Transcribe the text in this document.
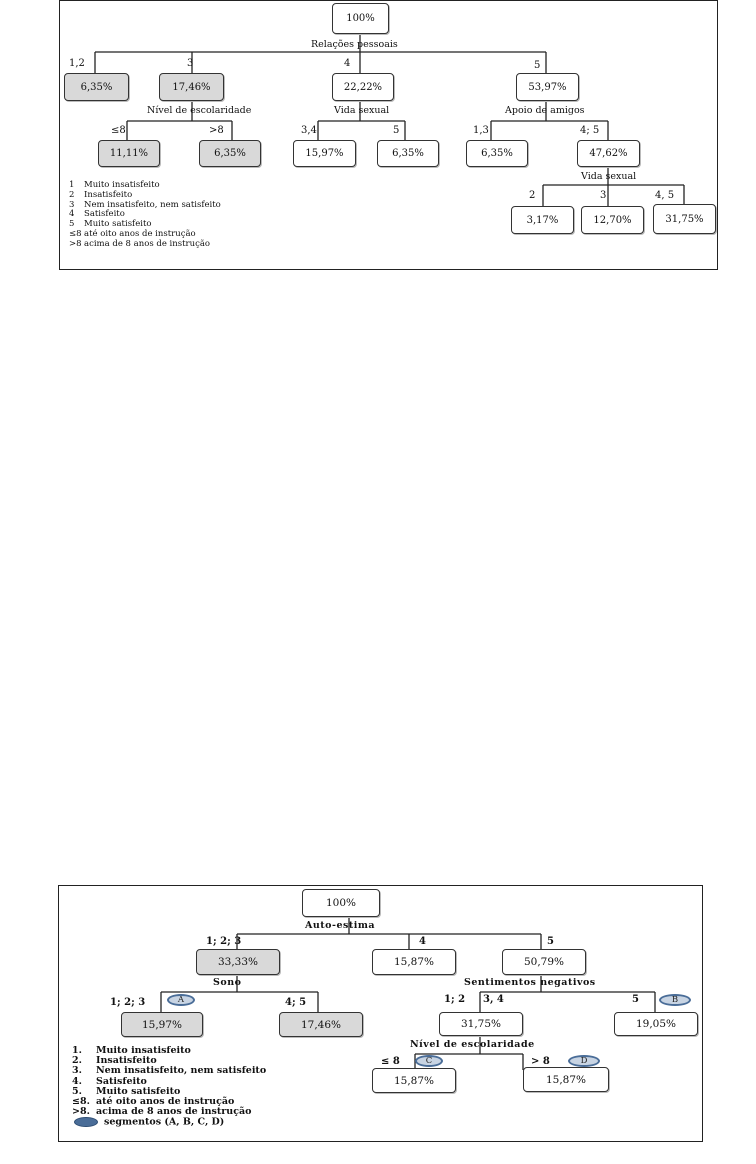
100%
Relações pessoais
1,2	3	4	5
6,35%	17,46%	22,22%	53,97%
Nível de escolaridade	Vida sexual	Apoio de amigos
≤8	>8	3,4	5	1,3	4; 5
11,11%	6,35%	15,97%	6,35%	6,35%	47,62%
Vida sexual
2	3	4, 5
3,17%	12,70%	31,75%
1 Muito insatisfeito
2 Insatisfeito
3 Nem insatisfeito, nem satisfeito
4 Satisfeito
5 Muito satisfeito
≤8 até oito anos de instrução
>8 acima de 8 anos de instrução
100%
Auto-estima
1; 2; 3	4	5
33,33%	15,87%	50,79%
Sono	Sentimentos negativos
1; 2; 3	A	4; 5	1; 2 3, 4	5	B
15,97%	17,46%	31,75%	19,05%
Nível de escolaridade
≤ 8	C	> 8	D
15,87%	15,87%
1. Muito insatisfeito
2. Insatisfeito
3. Nem insatisfeito, nem satisfeito
4. Satisfeito
5. Muito satisfeito
≤8. até oito anos de instrução
>8. acima de 8 anos de instrução
segmentos (A, B, C, D)
